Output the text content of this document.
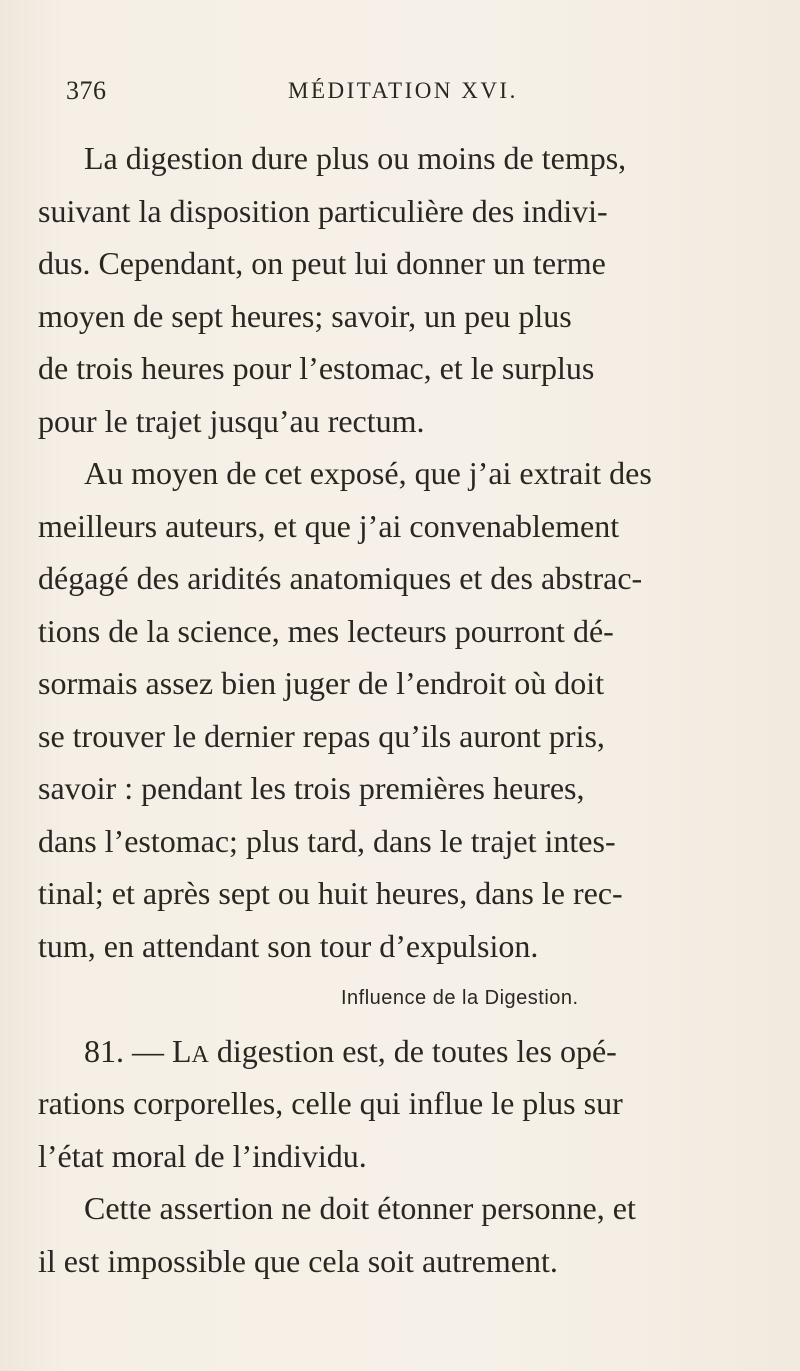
376	MÉDITATION XVI.
La digestion dure plus ou moins de temps,
suivant la disposition particulière des indivi-
dus. Cependant, on peut lui donner un terme
moyen de sept heures; savoir, un peu plus
de trois heures pour l’estomac, et le surplus
pour le trajet jusqu’au rectum.
Au moyen de cet exposé, que j’ai extrait des
meilleurs auteurs, et que j’ai convenablement
dégagé des aridités anatomiques et des abstrac-
tions de la science, mes lecteurs pourront dé-
sormais assez bien juger de l’endroit où doit
se trouver le dernier repas qu’ils auront pris,
savoir : pendant les trois premières heures,
dans l’estomac; plus tard, dans le trajet intes-
tinal; et après sept ou huit heures, dans le rec-
tum, en attendant son tour d’expulsion.
Influence de la Digestion.
81. — LA digestion est, de toutes les opé-
rations corporelles, celle qui influe le plus sur
l’état moral de l’individu.
Cette assertion ne doit étonner personne, et
il est impossible que cela soit autrement.
